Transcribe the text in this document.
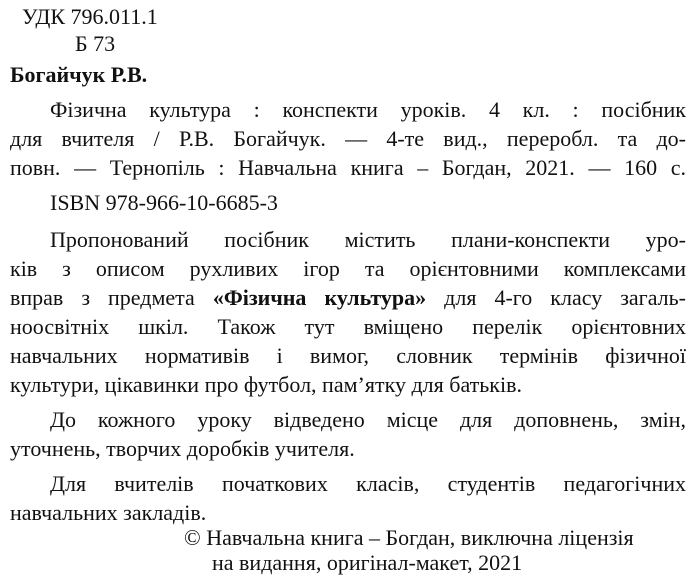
УДК 796.011.1

Б 73

Богайчук Р.В.

Фізична культура : конспекти уроків. 4 кл. : посібник

для вчителя / Р.В. Богайчук. — 4-те вид., переробл. та до-

повн. — Тернопіль : Навчальна книга – Богдан, 2021. — 160 с.

ISBN 978-966-10-6685-3

Пропонований посібник містить плани-конспекти уро-

ків з описом рухливих ігор та орієнтовними комплексами

вправ з предмета «Фізична культура» для 4-го класу загаль-

ноосвітніх шкіл. Також тут вміщено перелік орієнтовних

навчальних нормативів і вимог, словник термінів фізичної

культури, цікавинки про футбол, пам’ятку для батьків.

До кожного уроку відведено місце для доповнень, змін,

уточнень, творчих доробків учителя.

Для вчителів початкових класів, студентів педагогічних

навчальних закладів.

© Навчальна книга – Богдан, виключна ліцензія

на видання, оригінал-макет, 2021
